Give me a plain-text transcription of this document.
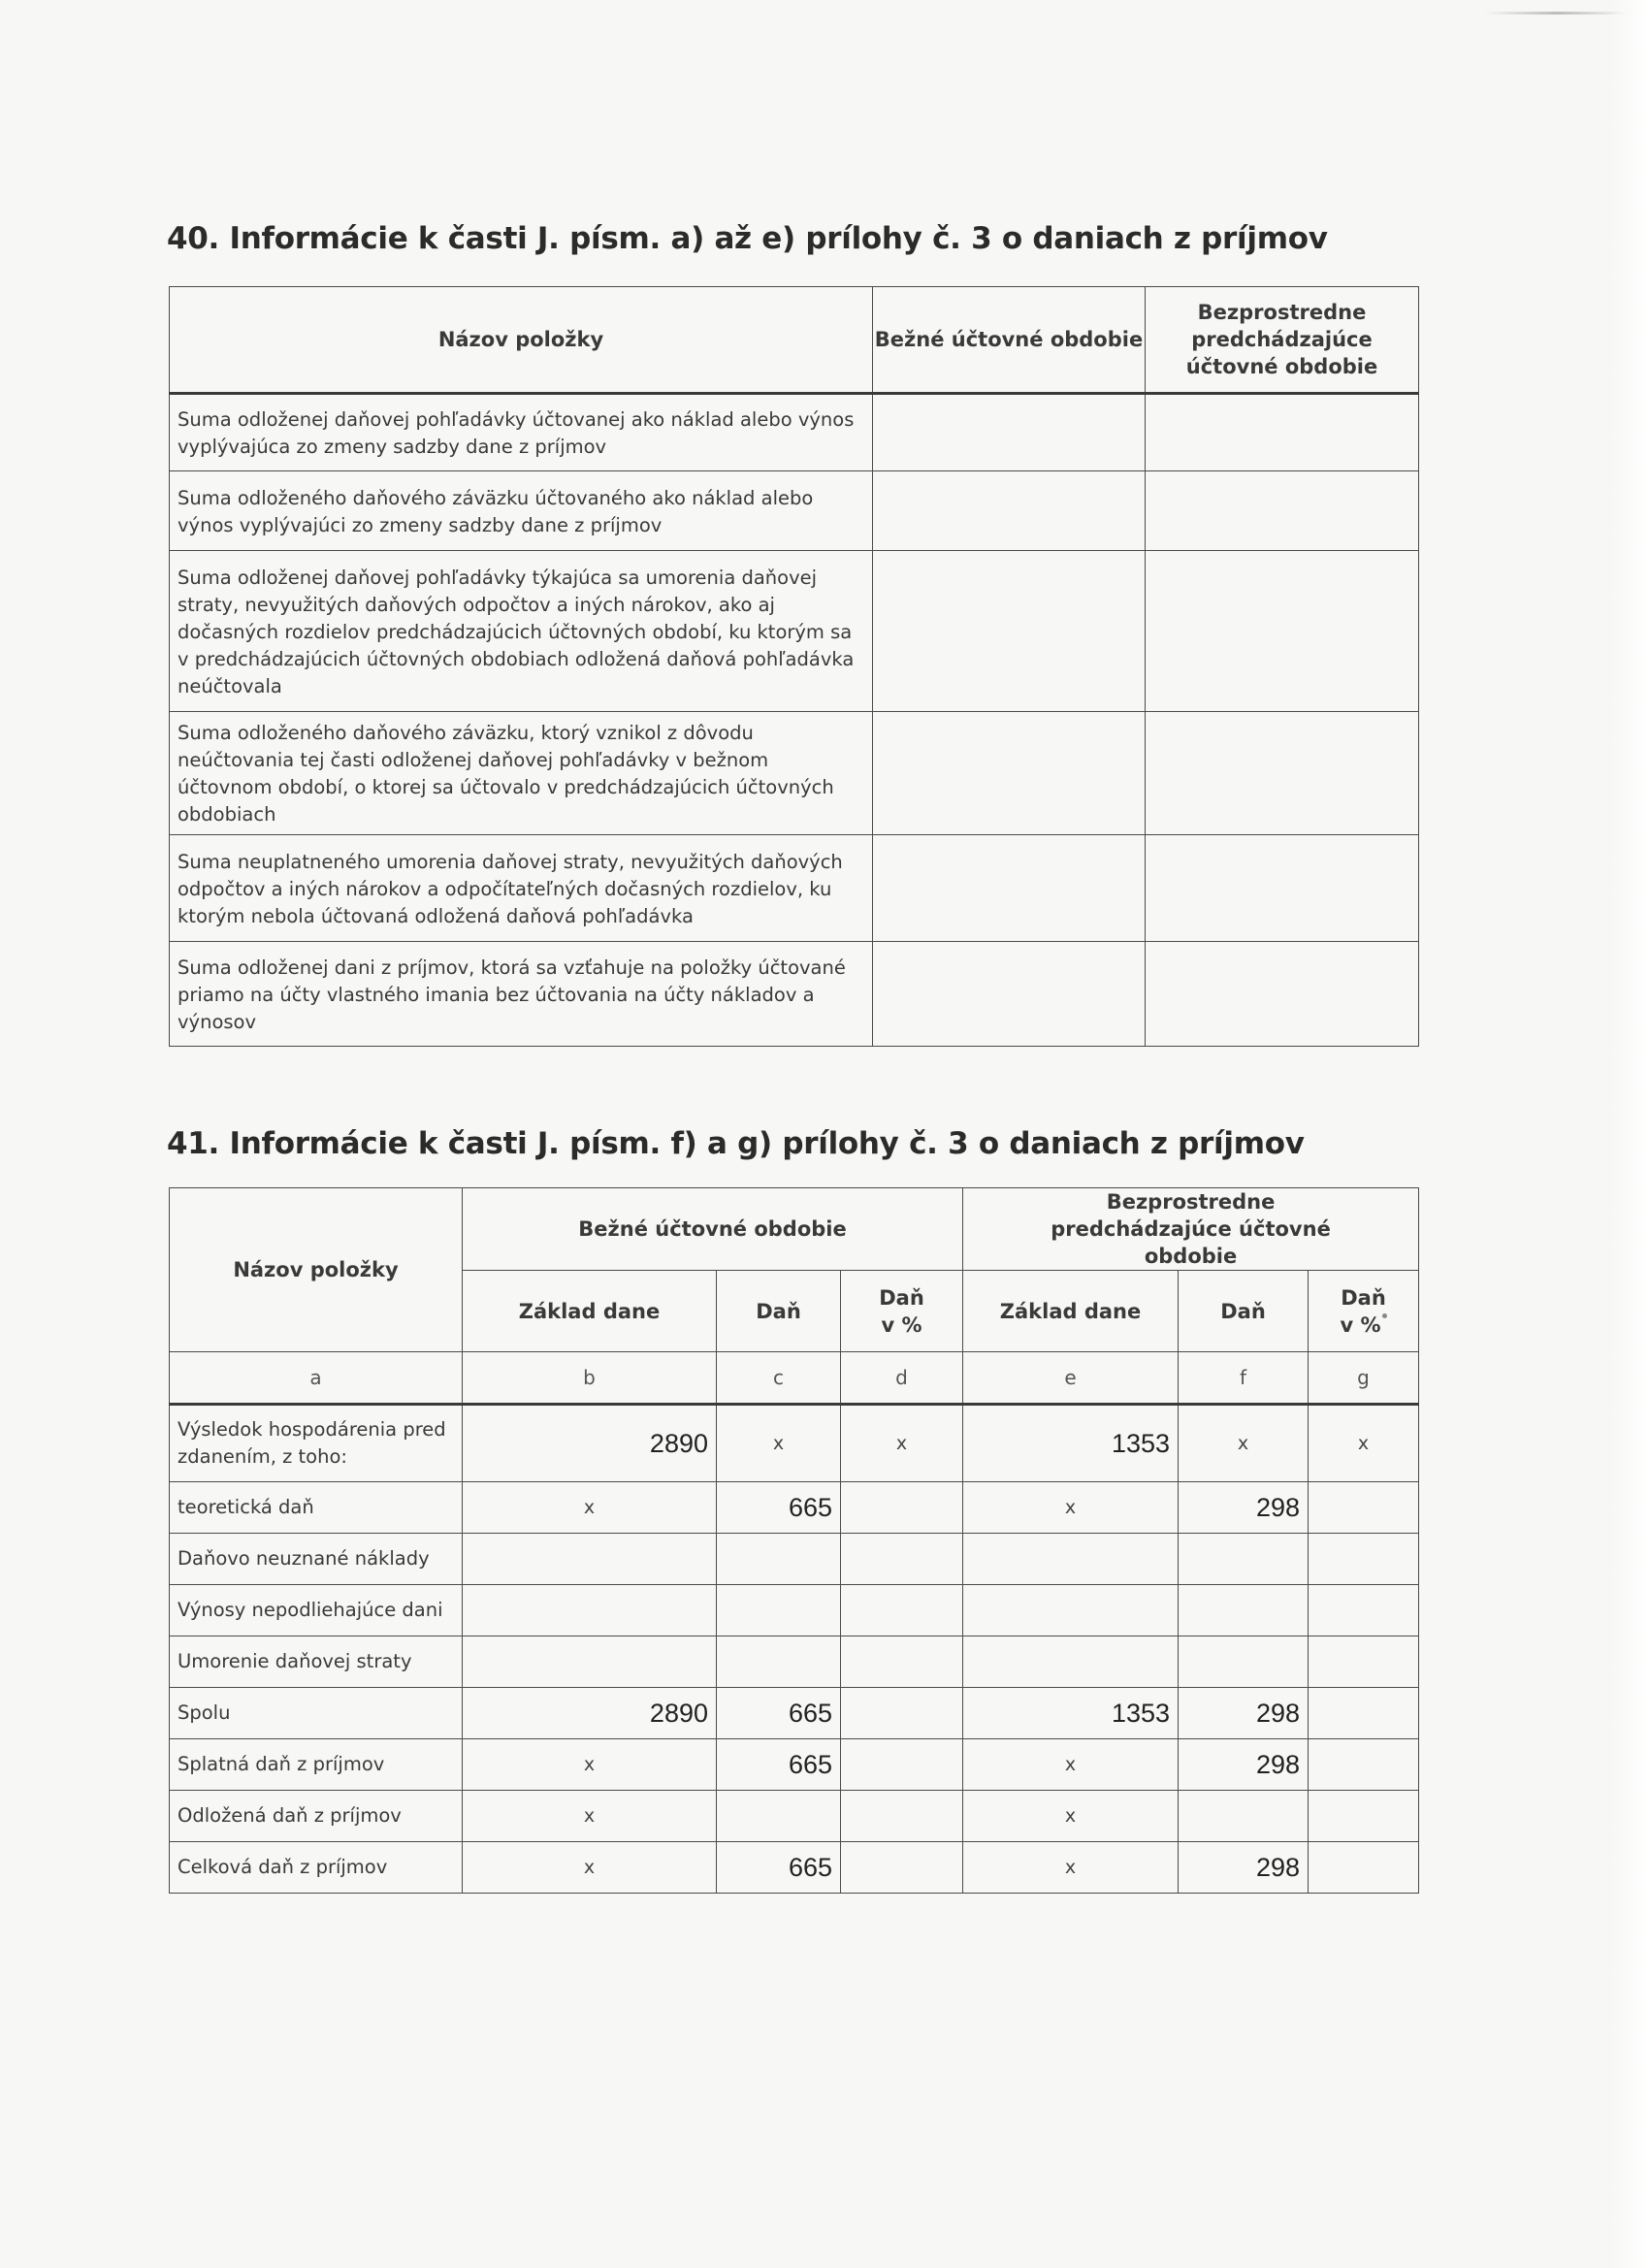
40. Informácie k časti J. písm. a) až e) prílohy č. 3 o daniach z príjmov
Názov položky	Bežné účtovné obdobie	Bezprostredne predchádzajúce účtovné obdobie
Suma odloženej daňovej pohľadávky účtovanej ako náklad alebo výnos vyplývajúca zo zmeny sadzby dane z príjmov		
Suma odloženého daňového záväzku účtovaného ako náklad alebo výnos vyplývajúci zo zmeny sadzby dane z príjmov		
Suma odloženej daňovej pohľadávky týkajúca sa umorenia daňovej straty, nevyužitých daňových odpočtov a iných nárokov, ako aj dočasných rozdielov predchádzajúcich účtovných období, ku ktorým sa v predchádzajúcich účtovných obdobiach odložená daňová pohľadávka neúčtovala		
Suma odloženého daňového záväzku, ktorý vznikol z dôvodu neúčtovania tej časti odloženej daňovej pohľadávky v bežnom účtovnom období, o ktorej sa účtovalo v predchádzajúcich účtovných obdobiach		
Suma neuplatneného umorenia daňovej straty, nevyužitých daňových odpočtov a iných nárokov a odpočítateľných dočasných rozdielov, ku ktorým nebola účtovaná odložená daňová pohľadávka		
Suma odloženej dani z príjmov, ktorá sa vzťahuje na položky účtované priamo na účty vlastného imania bez účtovania na účty nákladov a výnosov		
41. Informácie k časti J. písm. f) a g) prílohy č. 3 o daniach z príjmov
Názov položky	Bežné účtovné obdobie			Bezprostredne predchádzajúce účtovné obdobie		
	Základ dane	Daň	Daň v %	Základ dane	Daň	Daň v %
a	b	c	d	e	f	g
Výsledok hospodárenia pred zdanením, z toho:	2890	x	x	1353	x	x
teoretická daň	x	665		x	298	
Daňovo neuznané náklady						
Výnosy nepodliehajúce dani						
Umorenie daňovej straty						
Spolu	2890	665		1353	298	
Splatná daň z príjmov	x	665		x	298	
Odložená daň z príjmov	x			x		
Celková daň z príjmov	x	665		x	298	
